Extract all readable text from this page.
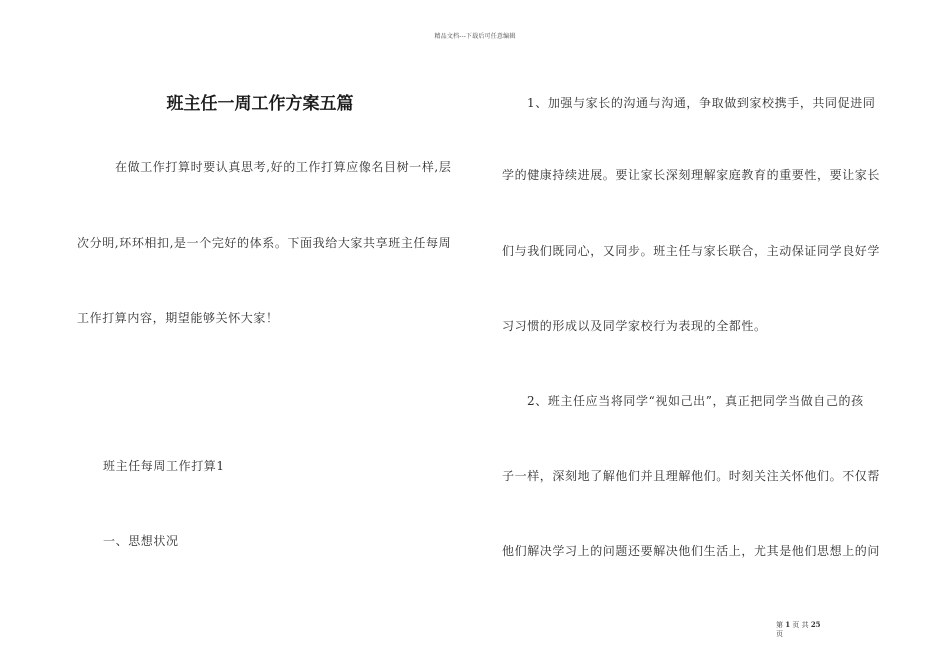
精品文档---下载后可任意编辑
班主任一周工作方案五篇
在做工作打算时要认真思考,好的工作打算应像名目树一样,层
次分明,环环相扣,是一个完好的体系。下面我给大家共享班主任每周
工作打算内容，期望能够关怀大家！
班主任每周工作打算1
一、思想状况
1、加强与家长的沟通与沟通，争取做到家校携手，共同促进同
学的健康持续进展。要让家长深刻理解家庭教育的重要性，要让家长
们与我们既同心，又同步。班主任与家长联合，主动保证同学良好学
习习惯的形成以及同学家校行为表现的全都性。
2、班主任应当将同学“视如己出”，真正把同学当做自己的孩
子一样，深刻地了解他们并且理解他们。时刻关注关怀他们。不仅帮
他们解决学习上的问题还要解决他们生活上，尤其是他们思想上的问
第 1 页 共 25
页
